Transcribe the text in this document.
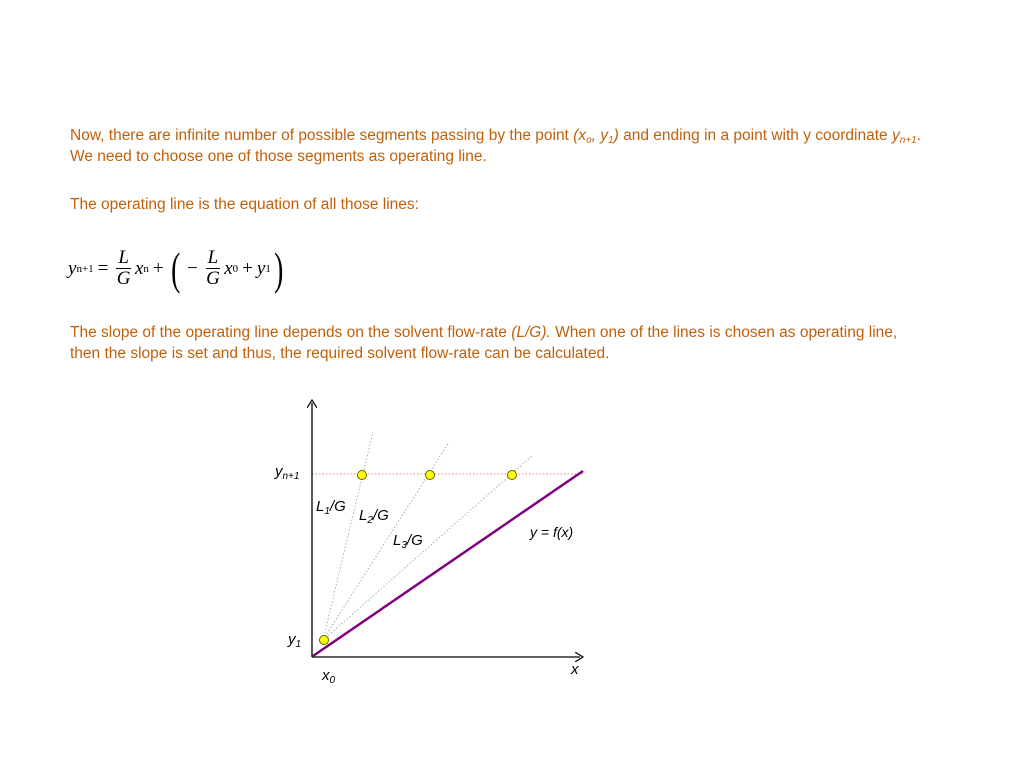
Now, there are infinite number of possible segments passing by the point ($x_o$, $y_1$) and ending in a point with y coordinate $y_{n+1}$. We need to choose one of those segments as operating line.
The operating line is the equation of all those lines:
y $n+1 = \frac{L}{G}$ x n + ( − $\frac{L}{G}$ x 0 + y 1 )
The slope of the operating line depends on the solvent flow-rate (L/G). When one of the lines is chosen as operating line, then the slope is set and thus, the required solvent flow-rate can be calculated.
$y_{n+1}$
$y_1$
$x_0$
x
y = f(x)
$L_1/G$
$L_2/G$
$L_3/G$
